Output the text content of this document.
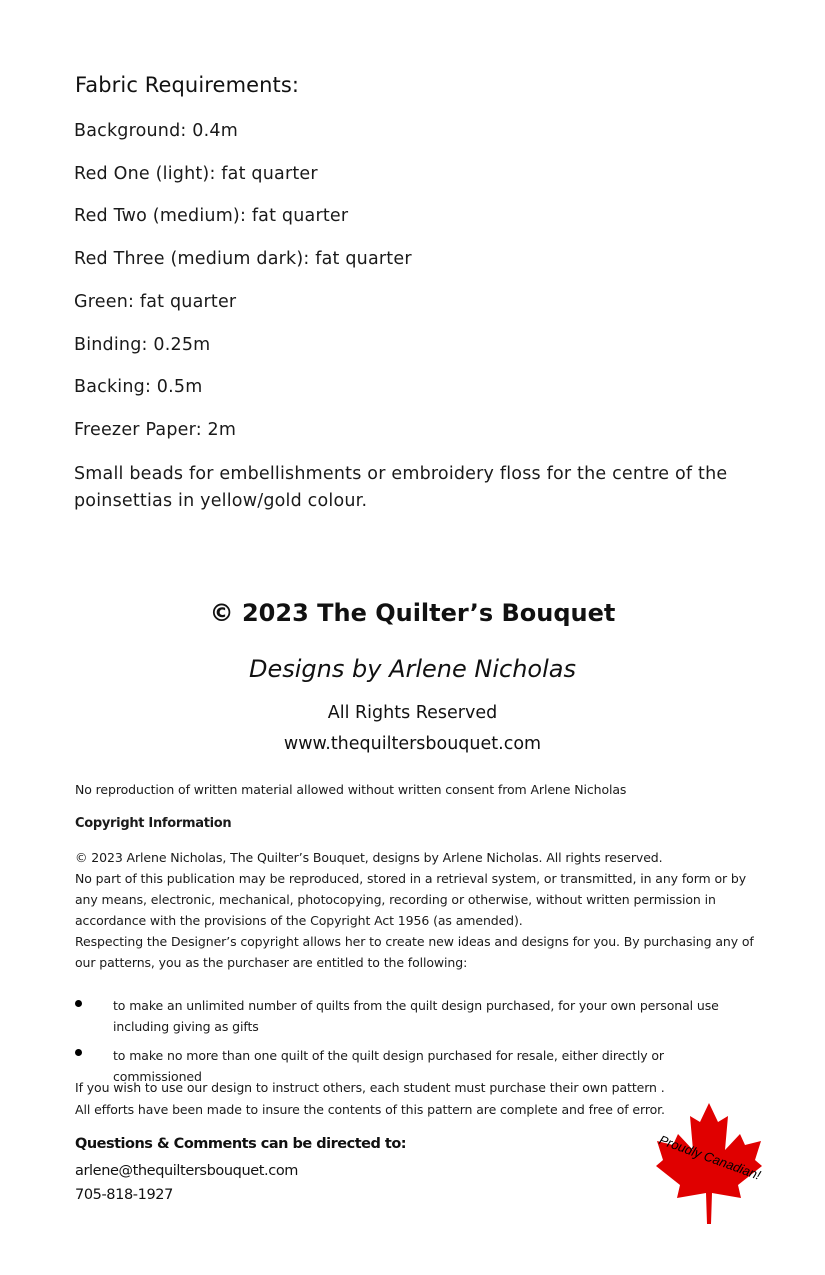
Fabric Requirements:
Background: 0.4m
Red One (light): fat quarter
Red Two (medium): fat quarter
Red Three (medium dark): fat quarter
Green: fat quarter
Binding: 0.25m
Backing: 0.5m
Freezer Paper: 2m
Small beads for embellishments or embroidery floss for the centre of the poinsettias in yellow/gold colour.
© 2023 The Quilter’s Bouquet
Designs by Arlene Nicholas
All Rights Reserved
www.thequiltersbouquet.com
No reproduction of written material allowed without written consent from Arlene Nicholas
Copyright Information

© 2023 Arlene Nicholas, The Quilter’s Bouquet, designs by Arlene Nicholas. All rights reserved.

No part of this publication may be reproduced, stored in a retrieval system, or transmitted, in any form or by any means, electronic, mechanical, photocopying, recording or otherwise, without written permission in accordance with the provisions of the Copyright Act 1956 (as amended).

Respecting the Designer’s copyright allows her to create new ideas and designs for you. By purchasing any of our patterns, you as the purchaser are entitled to the following:

to make an unlimited number of quilts from the quilt design purchased, for your own personal use including giving as gifts
to make no more than one quilt of the quilt design purchased for resale, either directly or commissioned
If you wish to use our design to instruct others, each student must purchase their own pattern .
All efforts have been made to insure the contents of this pattern are complete and free of error.
Questions & Comments can be directed to:
arlene@thequiltersbouquet.com
705-818-1927
Proudly Canadian!
